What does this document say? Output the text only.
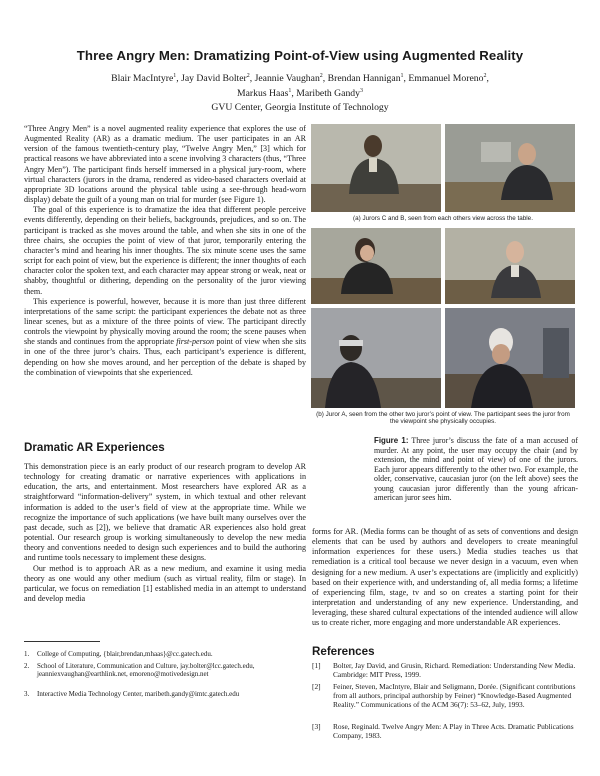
Three Angry Men: Dramatizing Point-of-View using Augmented Reality
Blair MacIntyre$^1$, Jay David Bolter$^2$, Jeannie Vaughan$^2$, Brendan Hannigan$^1$, Emmanuel Moreno$^2$,
Markus Haas$^1$, Maribeth Gandy$^3$
GVU Center, Georgia Institute of Technology

“Three Angry Men” is a novel augmented reality experience that explores the use of Augmented Reality (AR) as a dramatic medium. The user participates in an AR version of the famous twentieth-century play, “Twelve Angry Men,” [3] which for practical reasons we have abbreviated into a scene involving 3 characters (thus, “Three Angry Men”). The participant finds herself immersed in a physical jury-room, where virtual characters (jurors in the drama, rendered as video-based characters overlaid at appropriate 3D locations around the physical table using a see-through head-worn display) debate the guilt of a young man on trial for murder (see Figure 1).

The goal of this experience is to dramatize the idea that different people perceive events differently, depending on their beliefs, backgrounds, prejudices, and so on. The participant is tracked as she moves around the table, and when she sits in one of the three chairs, she occupies the point of view of that juror, temporarily entering the character’s mind and hearing his inner thoughts. The six minute scene uses the same script for each point of view, but the experience is different; the inner thoughts of each character color the spoken text, and each character may appear strong or weak, neat or shabby, thoughtful or dithering, depending on the personality of the juror viewing them.

This experience is powerful, however, because it is more than just three different interpretations of the same script: the participant experiences the debate not as three linear scenes, but as a mixture of the three points of view. The participant directly controls the viewpoint by physically moving around the room; the scene pauses when she stands and continues from the appropriate first-person point of view when she sits in one of the three juror’s chairs. Thus, each participant’s experience is different, depending on how she moves around, and her perception of the debate is shaped by the combination of viewpoints that she experienced.

Dramatic AR Experiences

This demonstration piece is an early product of our research program to develop AR technology for creating dramatic or narrative experiences with applications in education, the arts, and entertainment. Most researchers have explored AR as a straightforward “information-delivery” system, in which textual and other relevant information is added to the user’s field of view at the appropriate time. While we recognize the importance of such applications (we have built many ourselves over the past decade, such as [2]), we believe that dramatic AR experiences also hold great potential. Our research group is working simultaneously to develop the new media theory and conventions needed to design such experiences and to build the authoring and runtime tools necessary to implement these designs.

Our method is to approach AR as a new medium, and examine it using media theory as one would any other medium (such as virtual reality, film or stage). In particular, we focus on remediation [1] established media in an attempt to understand and develop media

1. College of Computing, {blair,brendan,mhaas}@cc.gatech.edu.
2. School of Literature, Communication and Culture, jay.bolter@lcc.gatech.edu, jeanniexvaughan@earthlink.net, emoreno@motivedesign.net
3. Interactive Media Technology Center, maribeth.gandy@imtc.gatech.edu
(a) Jurors C and B, seen from each others view across the table.
(b) Juror A, seen from the other two juror’s point of view. The participant sees the juror from the viewpoint she physically occupies.
Figure 1: Three juror’s discuss the fate of a man accused of murder. At any point, the user may occupy the chair (and by extension, the mind and point of view) of one of the jurors. Each juror appears differently to the other two. For example, the older, conservative, caucasian juror (on the left above) sees the young caucasian juror differently than the young african-american juror sees him.
forms for AR. (Media forms can be thought of as sets of conventions and design elements that can be used by authors and developers to create meaningful information experiences for these users.) Media studies teaches us that remediation is a critical tool because we never design in a vacuum, even when designing for a new medium. A user’s expectations are (implicitly and explicitly) based on their experience with, and understanding of, all media forms; a lifetime of experiencing film, stage, tv and so on creates a starting point for their interpretation and understanding of any new experience. Understanding, and leveraging, these shared cultural expectations of the intended audience will allow us to create richer, more engaging and more understandable AR experiences.
References
[1] Bolter, Jay David, and Grusin, Richard. Remediation: Understanding New Media. Cambridge: MIT Press, 1999.
[2] Feiner, Steven, MacIntyre, Blair and Seligmann, Dorée. (Significant contributions from all authors, principal authorship by Feiner) “Knowledge-Based Augmented Reality.” Communications of the ACM 36(7): 53–62, July, 1993.
[3] Rose, Reginald. Twelve Angry Men: A Play in Three Acts. Dramatic Publications Company, 1983.
